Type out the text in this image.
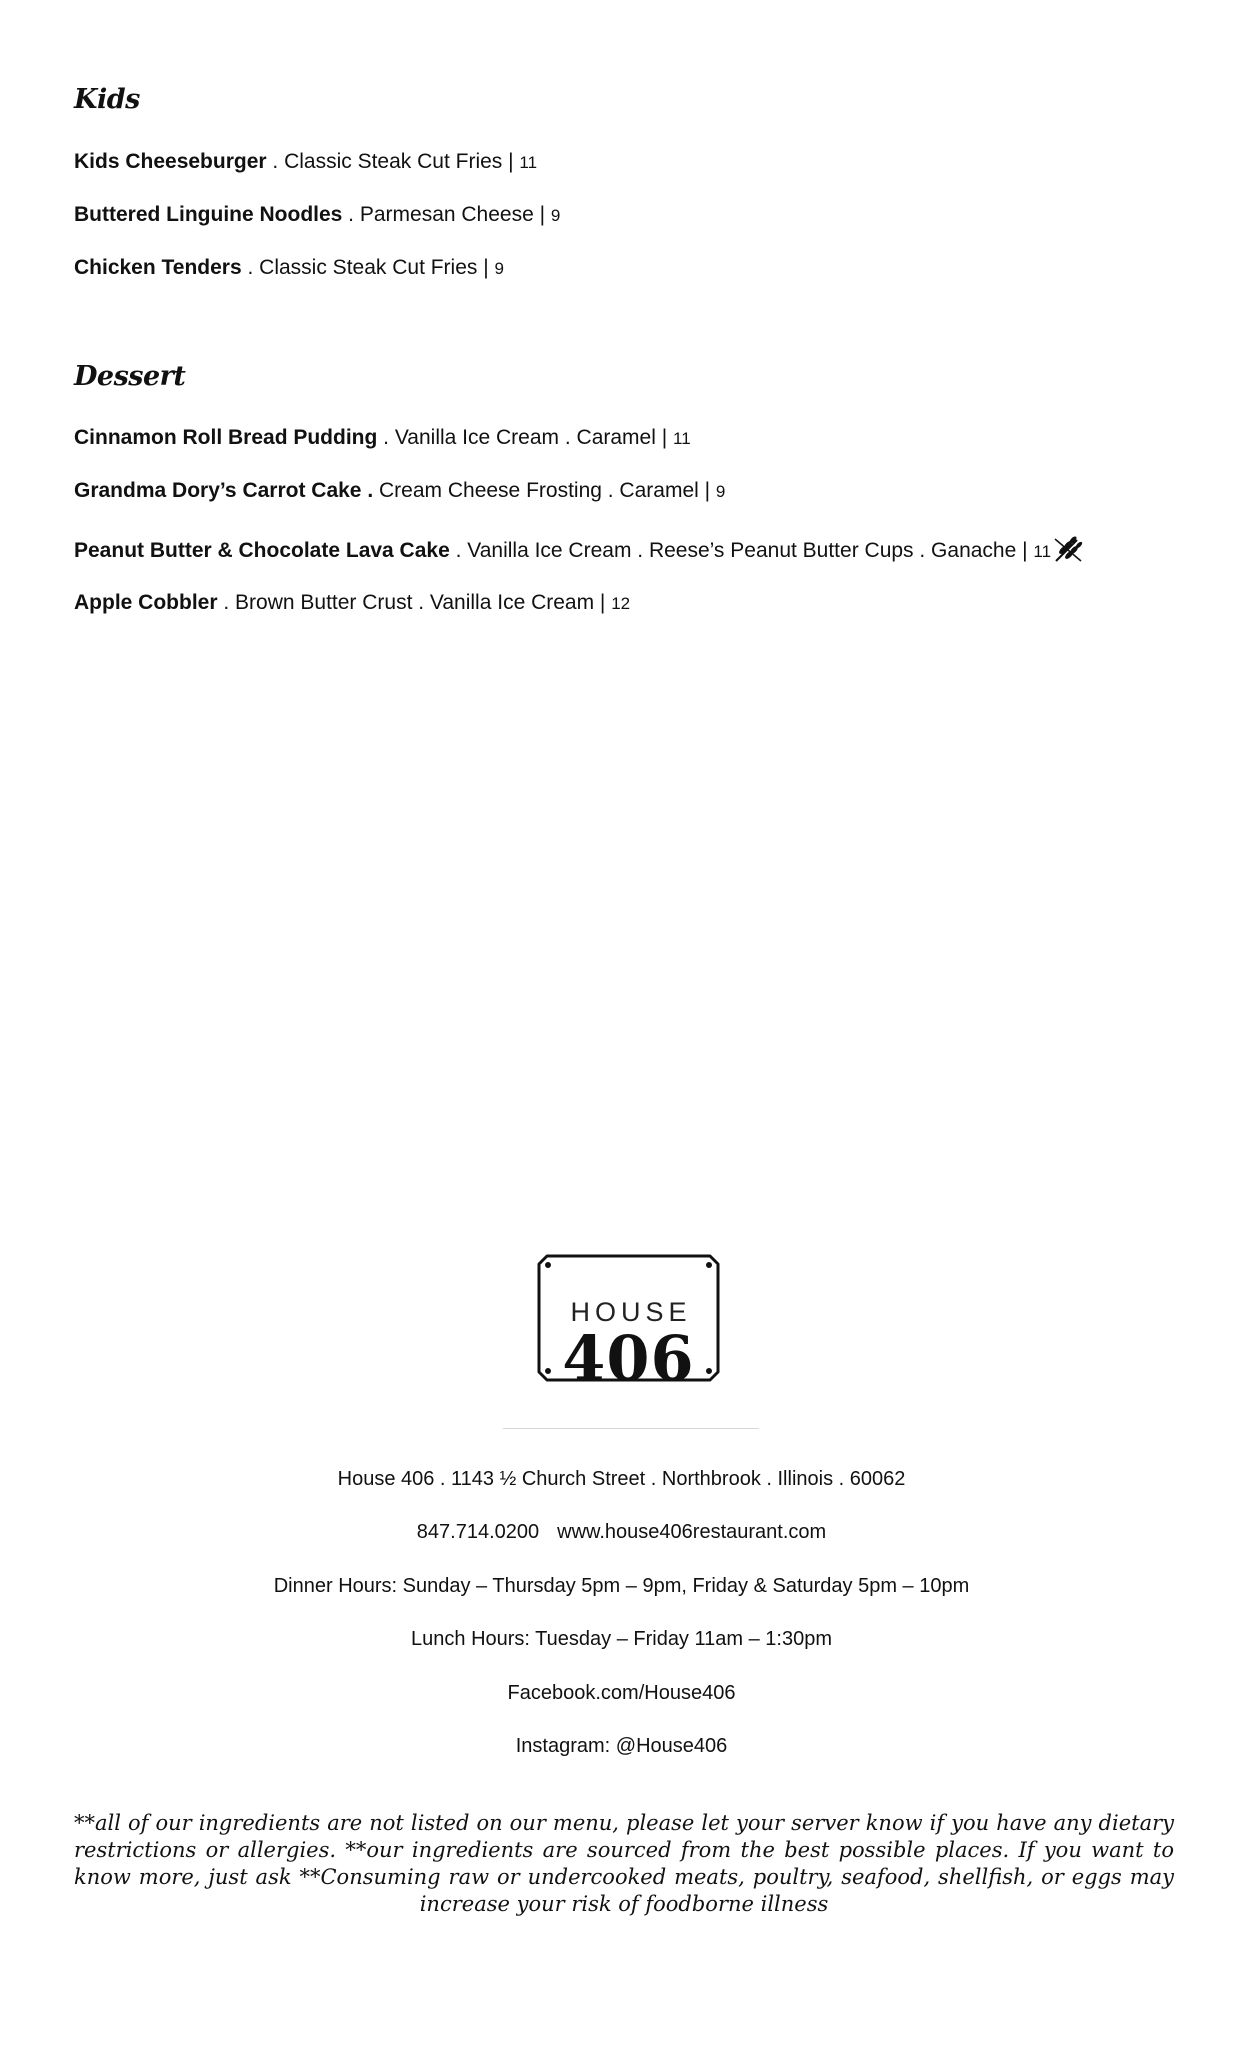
Kids
Kids Cheeseburger . Classic Steak Cut Fries | 11
Buttered Linguine Noodles . Parmesan Cheese | 9
Chicken Tenders . Classic Steak Cut Fries | 9
Dessert
Cinnamon Roll Bread Pudding . Vanilla Ice Cream . Caramel | 11
Grandma Dory’s Carrot Cake . Cream Cheese Frosting . Caramel | 9
Peanut Butter & Chocolate Lava Cake . Vanilla Ice Cream . Reese’s Peanut Butter Cups . Ganache | 11
Apple Cobbler . Brown Butter Crust . Vanilla Ice Cream | 12
HOUSE
406
House 406 . 1143 ½ Church Street . Northbrook . Illinois . 60062
847.714.0200 www.house406restaurant.com
Dinner Hours: Sunday – Thursday 5pm – 9pm, Friday & Saturday 5pm – 10pm
Lunch Hours: Tuesday – Friday 11am – 1:30pm
Facebook.com/House406
Instagram: @House406
**all of our ingredients are not listed on our menu, please let your server know if you have any dietary restrictions or allergies. **our ingredients are sourced from the best possible places. If you want to know more, just ask **Consuming raw or undercooked meats, poultry, seafood, shellfish, or eggs may increase your risk of foodborne illness
